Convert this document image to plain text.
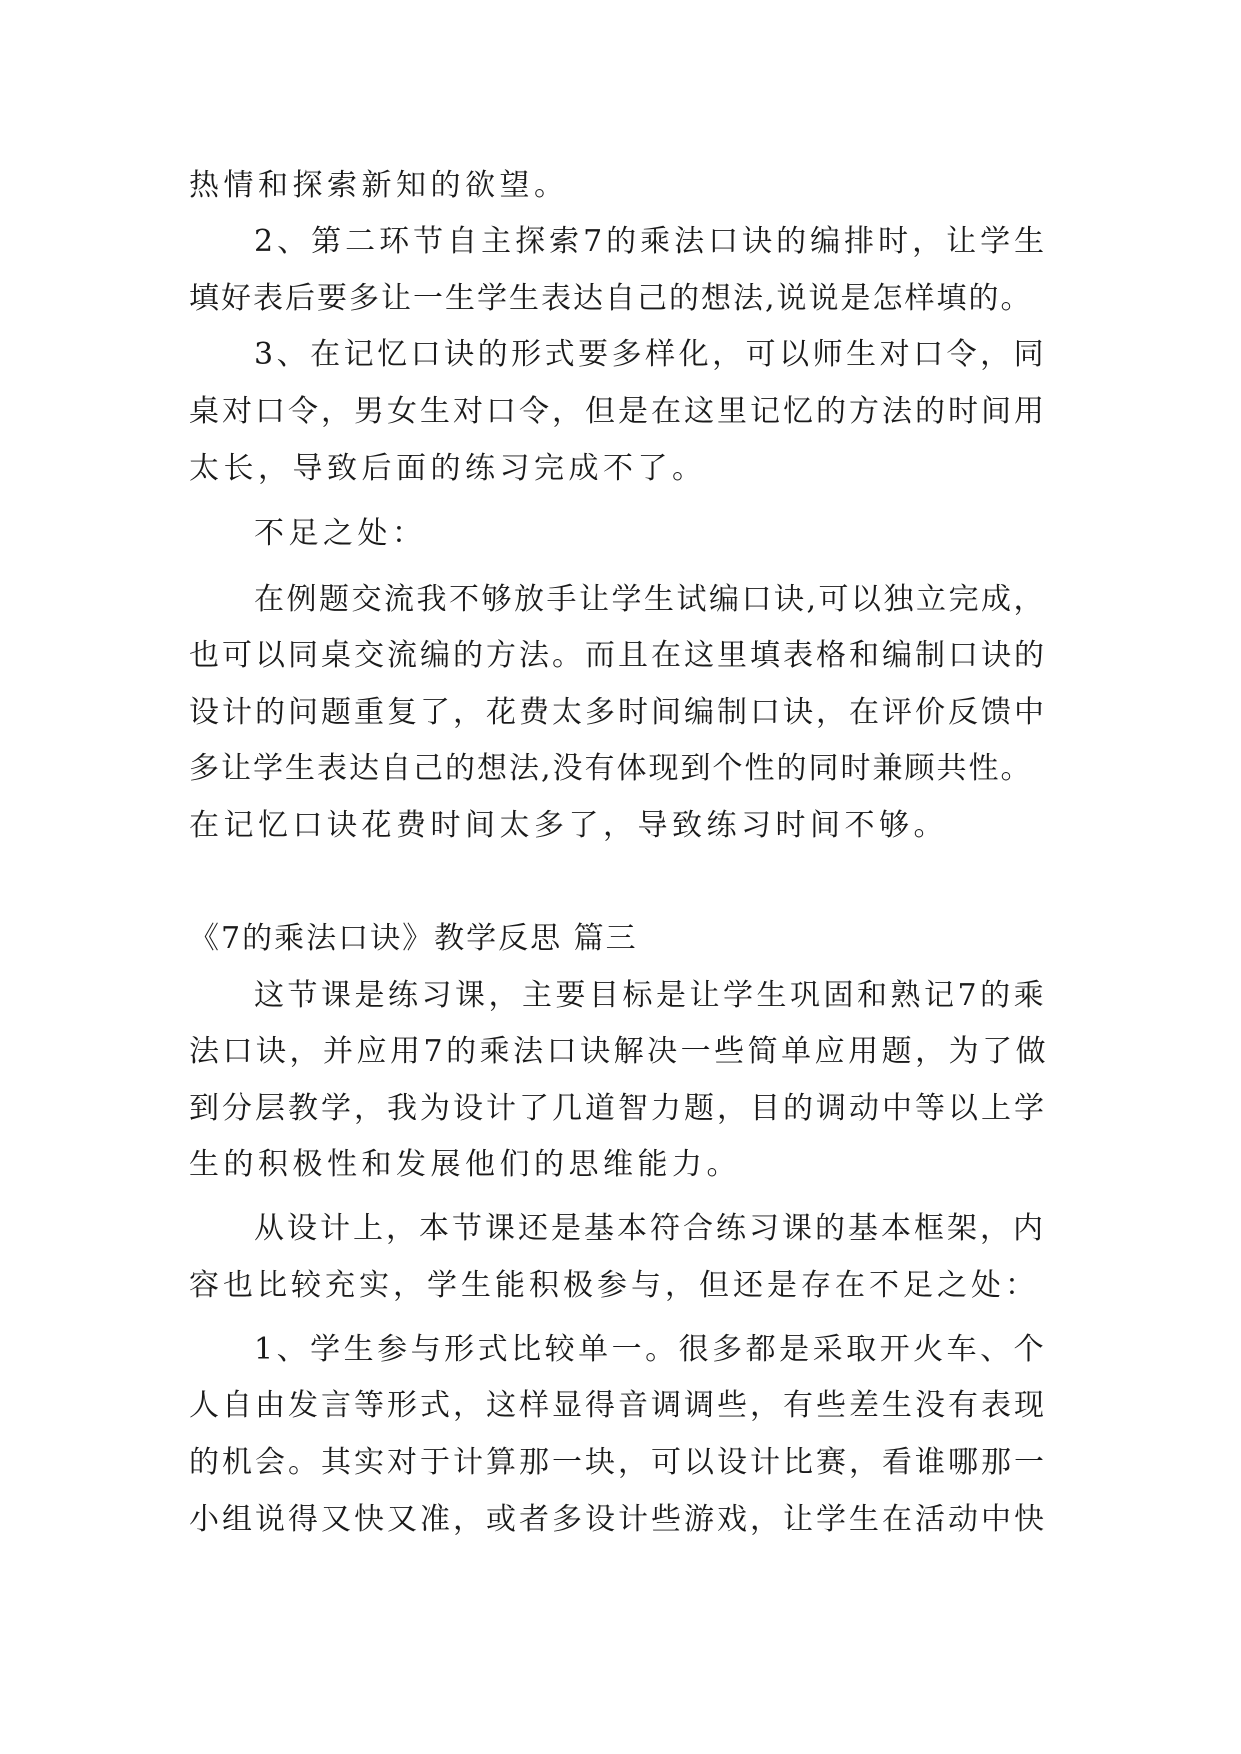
热情和探索新知的欲望。
2、第二环节自主探索7的乘法口诀的编排时，让学生
填好表后要多让一生学生表达自己的想法,说说是怎样填的。
3、在记忆口诀的形式要多样化，可以师生对口令，同
桌对口令，男女生对口令，但是在这里记忆的方法的时间用
太长，导致后面的练习完成不了。
不足之处：
在例题交流我不够放手让学生试编口诀,可以独立完成，
也可以同桌交流编的方法。而且在这里填表格和编制口诀的
设计的问题重复了，花费太多时间编制口诀，在评价反馈中
多让学生表达自己的想法,没有体现到个性的同时兼顾共性。
在记忆口诀花费时间太多了，导致练习时间不够。
《7的乘法口诀》教学反思 篇三
这节课是练习课，主要目标是让学生巩固和熟记7的乘
法口诀，并应用7的乘法口诀解决一些简单应用题，为了做
到分层教学，我为设计了几道智力题，目的调动中等以上学
生的积极性和发展他们的思维能力。
从设计上，本节课还是基本符合练习课的基本框架，内
容也比较充实，学生能积极参与，但还是存在不足之处：
1、学生参与形式比较单一。很多都是采取开火车、个
人自由发言等形式，这样显得音调调些，有些差生没有表现
的机会。其实对于计算那一块，可以设计比赛，看谁哪那一
小组说得又快又准，或者多设计些游戏，让学生在活动中快
